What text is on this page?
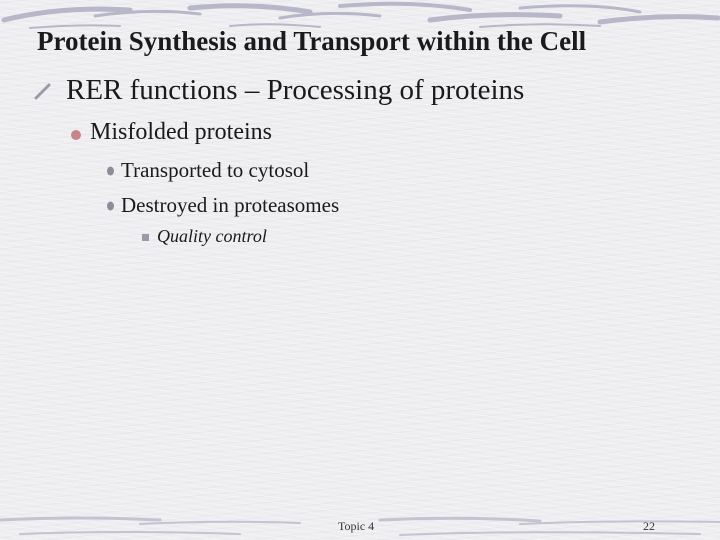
Protein Synthesis and Transport within the Cell
RER functions – Processing of proteins
Misfolded proteins
Transported to cytosol
Destroyed in proteasomes
Quality control
Topic 4	22
